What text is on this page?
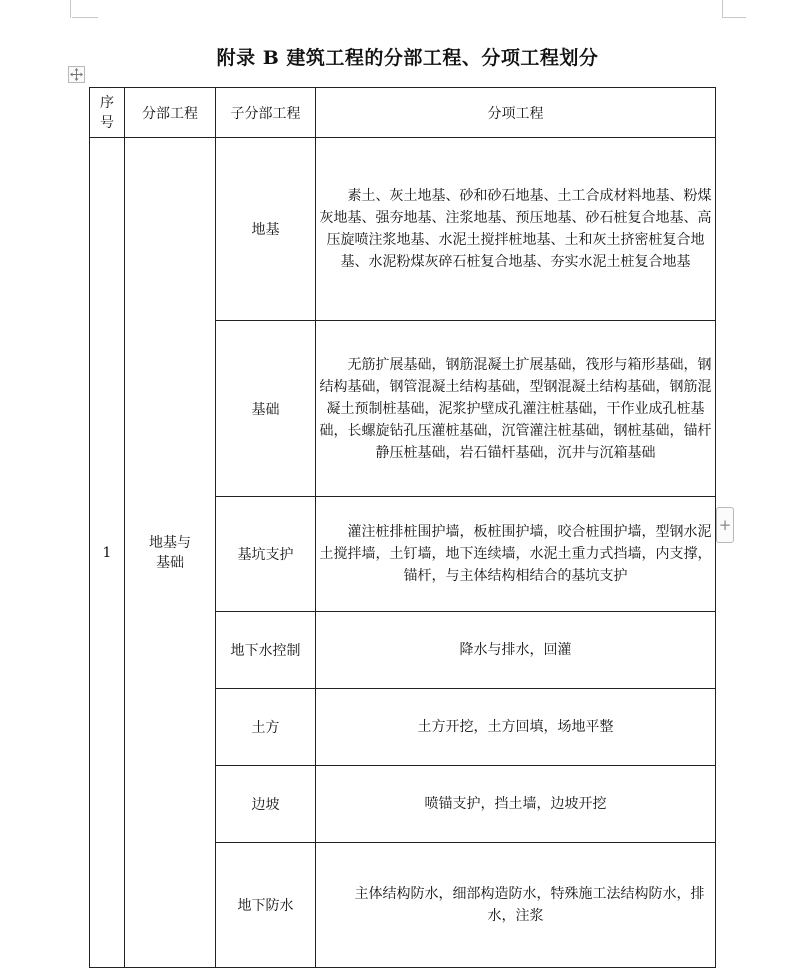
附录 B 建筑工程的分部工程、分项工程划分
+
序号	分部工程	子分部工程	分项工程
1	地基与基础	地基	素土、灰土地基、砂和砂石地基、土工合成材料地基、粉煤灰地基、强夯地基、注浆地基、预压地基、砂石桩复合地基、高压旋喷注浆地基、水泥土搅拌桩地基、土和灰土挤密桩复合地基、水泥粉煤灰碎石桩复合地基、夯实水泥土桩复合地基

		基础	无筋扩展基础，钢筋混凝土扩展基础，筏形与箱形基础，钢结构基础，钢管混凝土结构基础，型钢混凝土结构基础，钢筋混凝土预制桩基础，泥浆护壁成孔灌注桩基础，干作业成孔桩基础，长螺旋钻孔压灌桩基础，沉管灌注桩基础，钢桩基础，锚杆静压桩基础，岩石锚杆基础，沉井与沉箱基础

		基坑支护	灌注桩排桩围护墙，板桩围护墙，咬合桩围护墙，型钢水泥土搅拌墙，土钉墙，地下连续墙，水泥土重力式挡墙，内支撑，锚杆，与主体结构相结合的基坑支护

		地下水控制	降水与排水，回灌
		土方	土方开挖，土方回填，场地平整
		边坡	喷锚支护，挡土墙，边坡开挖
		地下防水	主体结构防水，细部构造防水，特殊施工法结构防水，排水，注浆
